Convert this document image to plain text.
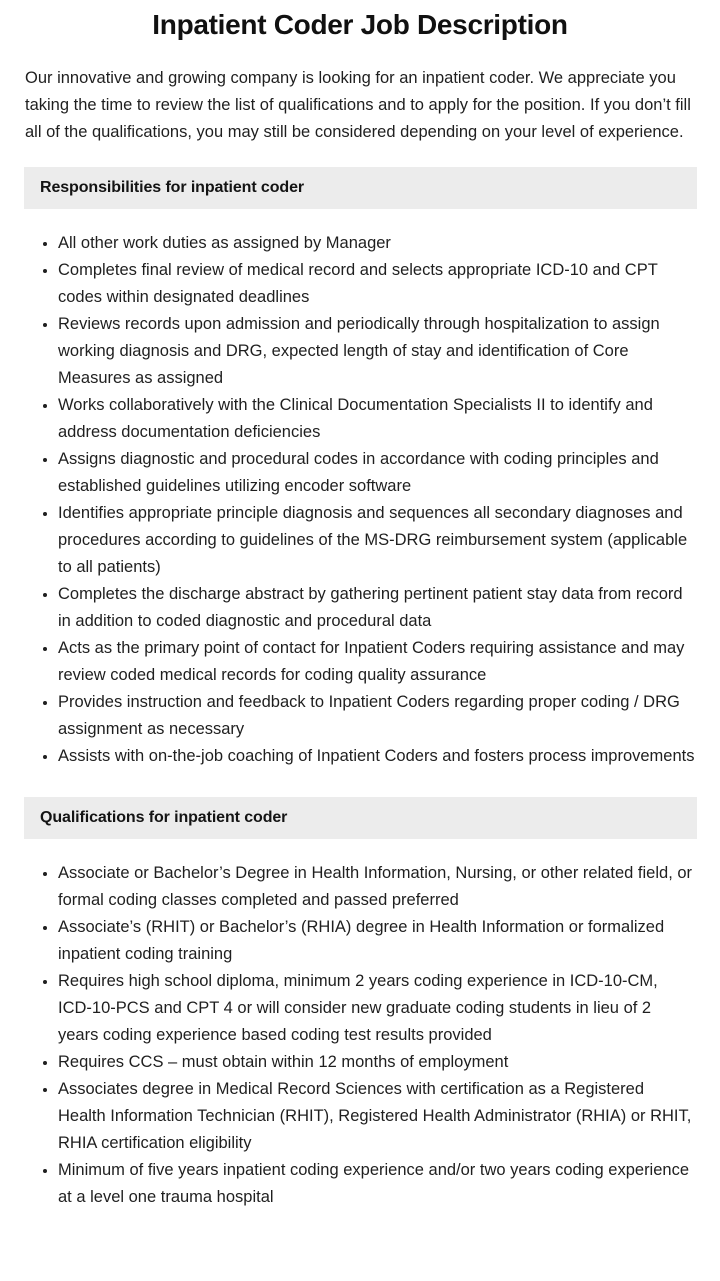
Inpatient Coder Job Description

Our innovative and growing company is looking for an inpatient coder. We appreciate you taking the time to review the list of qualifications and to apply for the position. If you don’t fill all of the qualifications, you may still be considered depending on your level of experience.

Responsibilities for inpatient coder
All other work duties as assigned by Manager
Completes final review of medical record and selects appropriate ICD-10 and CPT codes within designated deadlines
Reviews records upon admission and periodically through hospitalization to assign working diagnosis and DRG, expected length of stay and identification of Core Measures as assigned
Works collaboratively with the Clinical Documentation Specialists II to identify and address documentation deficiencies
Assigns diagnostic and procedural codes in accordance with coding principles and established guidelines utilizing encoder software
Identifies appropriate principle diagnosis and sequences all secondary diagnoses and procedures according to guidelines of the MS-DRG reimbursement system (applicable to all patients)
Completes the discharge abstract by gathering pertinent patient stay data from record in addition to coded diagnostic and procedural data
Acts as the primary point of contact for Inpatient Coders requiring assistance and may review coded medical records for coding quality assurance
Provides instruction and feedback to Inpatient Coders regarding proper coding / DRG assignment as necessary
Assists with on-the-job coaching of Inpatient Coders and fosters process improvements
Qualifications for inpatient coder
Associate or Bachelor’s Degree in Health Information, Nursing, or other related field, or formal coding classes completed and passed preferred
Associate’s (RHIT) or Bachelor’s (RHIA) degree in Health Information or formalized inpatient coding training
Requires high school diploma, minimum 2 years coding experience in ICD-10-CM, ICD-10-PCS and CPT 4 or will consider new graduate coding students in lieu of 2 years coding experience based coding test results provided
Requires CCS – must obtain within 12 months of employment
Associates degree in Medical Record Sciences with certification as a Registered Health Information Technician (RHIT), Registered Health Administrator (RHIA) or RHIT, RHIA certification eligibility
Minimum of five years inpatient coding experience and/or two years coding experience at a level one trauma hospital
